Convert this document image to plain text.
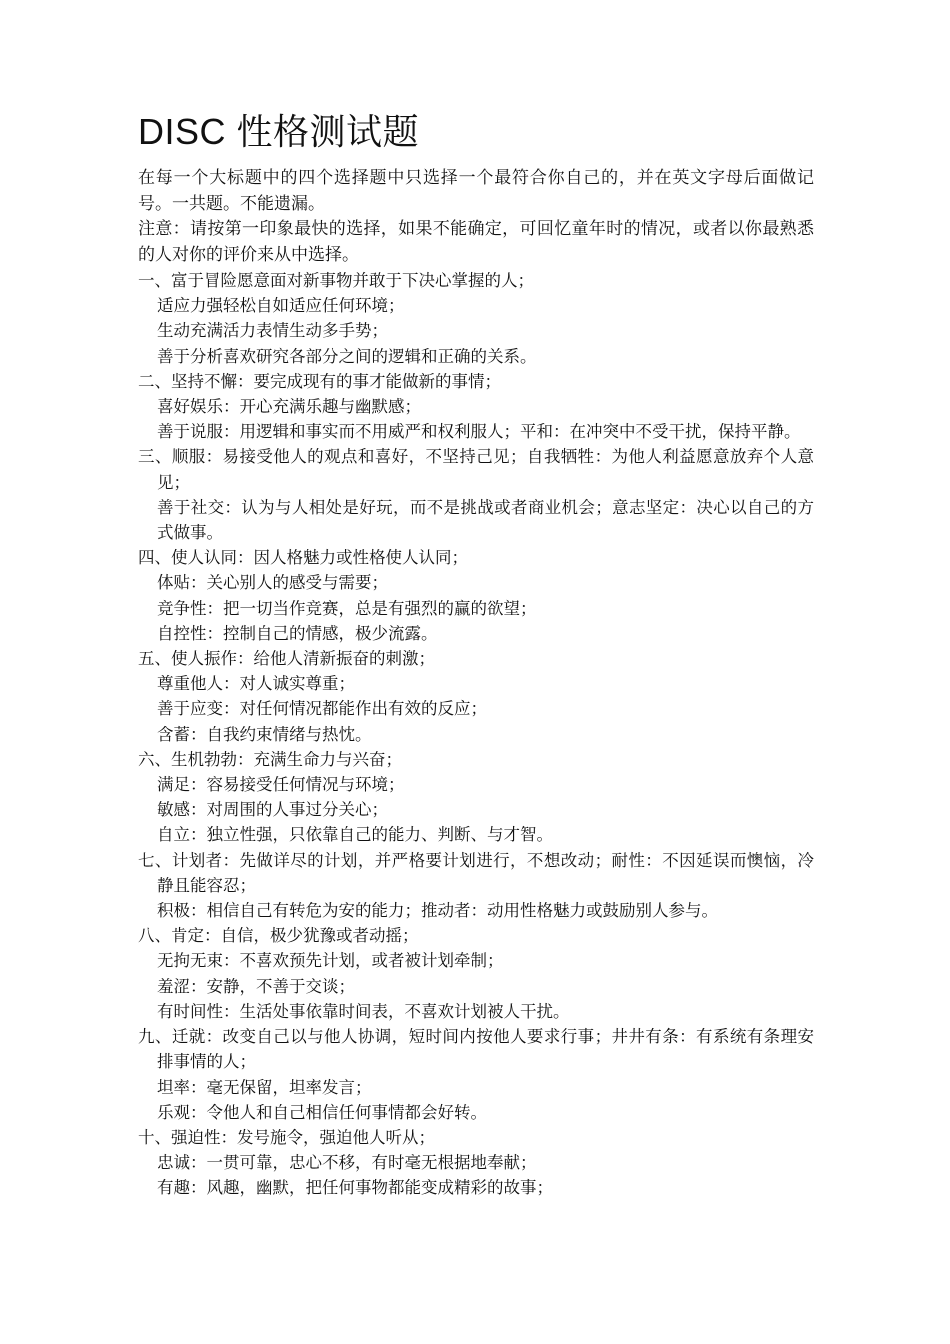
DISC 性格测试题

在每一个大标题中的四个选择题中只选择一个最符合你自己的，并在英文字母后面做记号。一共题。不能遗漏。

注意：请按第一印象最快的选择，如果不能确定，可回忆童年时的情况，或者以你最熟悉的人对你的评价来从中选择。

一、富于冒险愿意面对新事物并敢于下决心掌握的人；

适应力强轻松自如适应任何环境；

生动充满活力表情生动多手势；

善于分析喜欢研究各部分之间的逻辑和正确的关系。

二、坚持不懈：要完成现有的事才能做新的事情；

喜好娱乐：开心充满乐趣与幽默感；

善于说服：用逻辑和事实而不用威严和权利服人；平和：在冲突中不受干扰，保持平静。

三、顺服：易接受他人的观点和喜好，不坚持己见；自我牺牲：为他人利益愿意放弃个人意见；

善于社交：认为与人相处是好玩，而不是挑战或者商业机会；意志坚定：决心以自己的方式做事。

四、使人认同：因人格魅力或性格使人认同；

体贴：关心别人的感受与需要；

竞争性：把一切当作竞赛，总是有强烈的赢的欲望；

自控性：控制自己的情感，极少流露。

五、使人振作：给他人清新振奋的刺激；

尊重他人：对人诚实尊重；

善于应变：对任何情况都能作出有效的反应；

含蓄：自我约束情绪与热忱。

六、生机勃勃：充满生命力与兴奋；

满足：容易接受任何情况与环境；

敏感：对周围的人事过分关心；

自立：独立性强，只依靠自己的能力、判断、与才智。

七、计划者：先做详尽的计划，并严格要计划进行，不想改动；耐性：不因延误而懊恼，冷静且能容忍；

积极：相信自己有转危为安的能力；推动者：动用性格魅力或鼓励别人参与。

八、肯定：自信，极少犹豫或者动摇；

无拘无束：不喜欢预先计划，或者被计划牵制；

羞涩：安静，不善于交谈；

有时间性：生活处事依靠时间表，不喜欢计划被人干扰。

九、迁就：改变自己以与他人协调，短时间内按他人要求行事；井井有条：有系统有条理安排事情的人；

坦率：毫无保留，坦率发言；

乐观：令他人和自己相信任何事情都会好转。

十、强迫性：发号施令，强迫他人听从；

忠诚：一贯可靠，忠心不移，有时毫无根据地奉献；

有趣：风趣，幽默，把任何事物都能变成精彩的故事；
